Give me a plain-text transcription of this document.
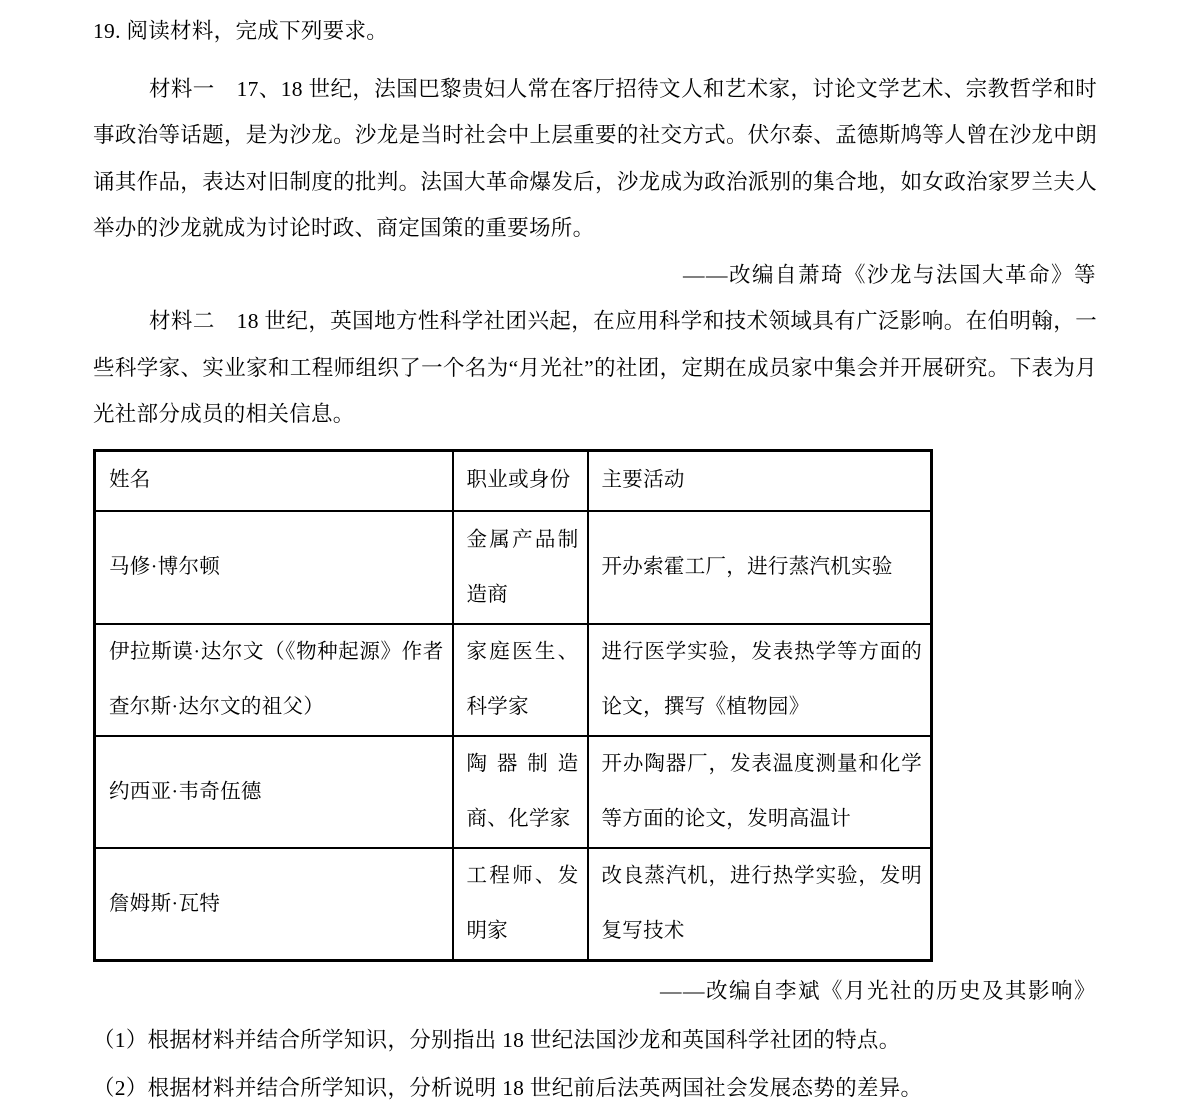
19. 阅读材料，完成下列要求。

材料一　17、18 世纪，法国巴黎贵妇人常在客厅招待文人和艺术家，讨论文学艺术、宗教哲学和时事政治等话题，是为沙龙。沙龙是当时社会中上层重要的社交方式。伏尔泰、孟德斯鸠等人曾在沙龙中朗诵其作品，表达对旧制度的批判。法国大革命爆发后，沙龙成为政治派别的集合地，如女政治家罗兰夫人举办的沙龙就成为讨论时政、商定国策的重要场所。

——改编自萧琦《沙龙与法国大革命》等

材料二　18 世纪，英国地方性科学社团兴起，在应用科学和技术领域具有广泛影响。在伯明翰，一些科学家、实业家和工程师组织了一个名为“月光社”的社团，定期在成员家中集会并开展研究。下表为月光社部分成员的相关信息。

姓名	职业或身份	主要活动
马修·博尔顿	金属产品制造商	开办索霍工厂，进行蒸汽机实验
伊拉斯谟·达尔文（《物种起源》作者查尔斯·达尔文的祖父）	家庭医生、科学家	进行医学实验，发表热学等方面的论文，撰写《植物园》
约西亚·韦奇伍德	陶器制造商、化学家	开办陶器厂，发表温度测量和化学等方面的论文，发明高温计
詹姆斯·瓦特	工程师、发明家	改良蒸汽机，进行热学实验，发明复写技术

——改编自李斌《月光社的历史及其影响》

（1）根据材料并结合所学知识，分别指出 18 世纪法国沙龙和英国科学社团的特点。

（2）根据材料并结合所学知识，分析说明 18 世纪前后法英两国社会发展态势的差异。
